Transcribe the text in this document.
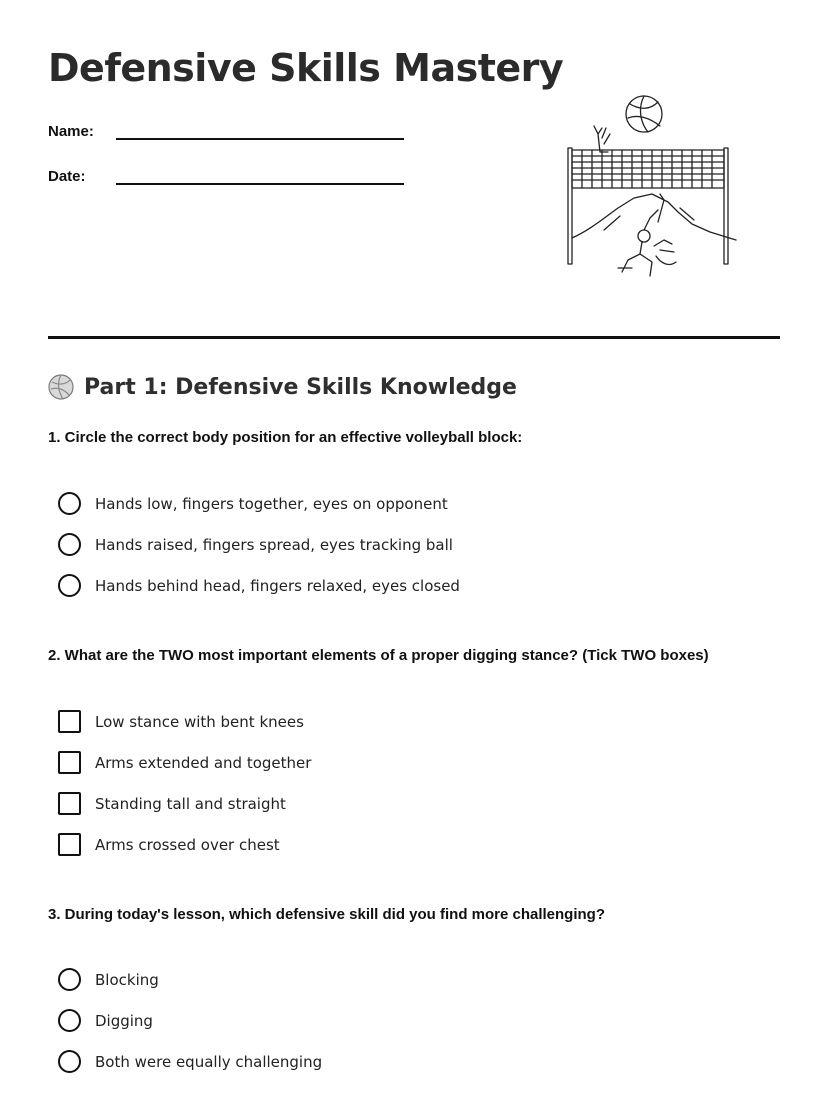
Defensive Skills Mastery
Name:
Date:
Part 1: Defensive Skills Knowledge
1. Circle the correct body position for an effective volleyball block:
Hands low, fingers together, eyes on opponent
Hands raised, fingers spread, eyes tracking ball
Hands behind head, fingers relaxed, eyes closed
2. What are the TWO most important elements of a proper digging stance? (Tick TWO boxes)
Low stance with bent knees
Arms extended and together
Standing tall and straight
Arms crossed over chest
3. During today's lesson, which defensive skill did you find more challenging?
Blocking
Digging
Both were equally challenging
